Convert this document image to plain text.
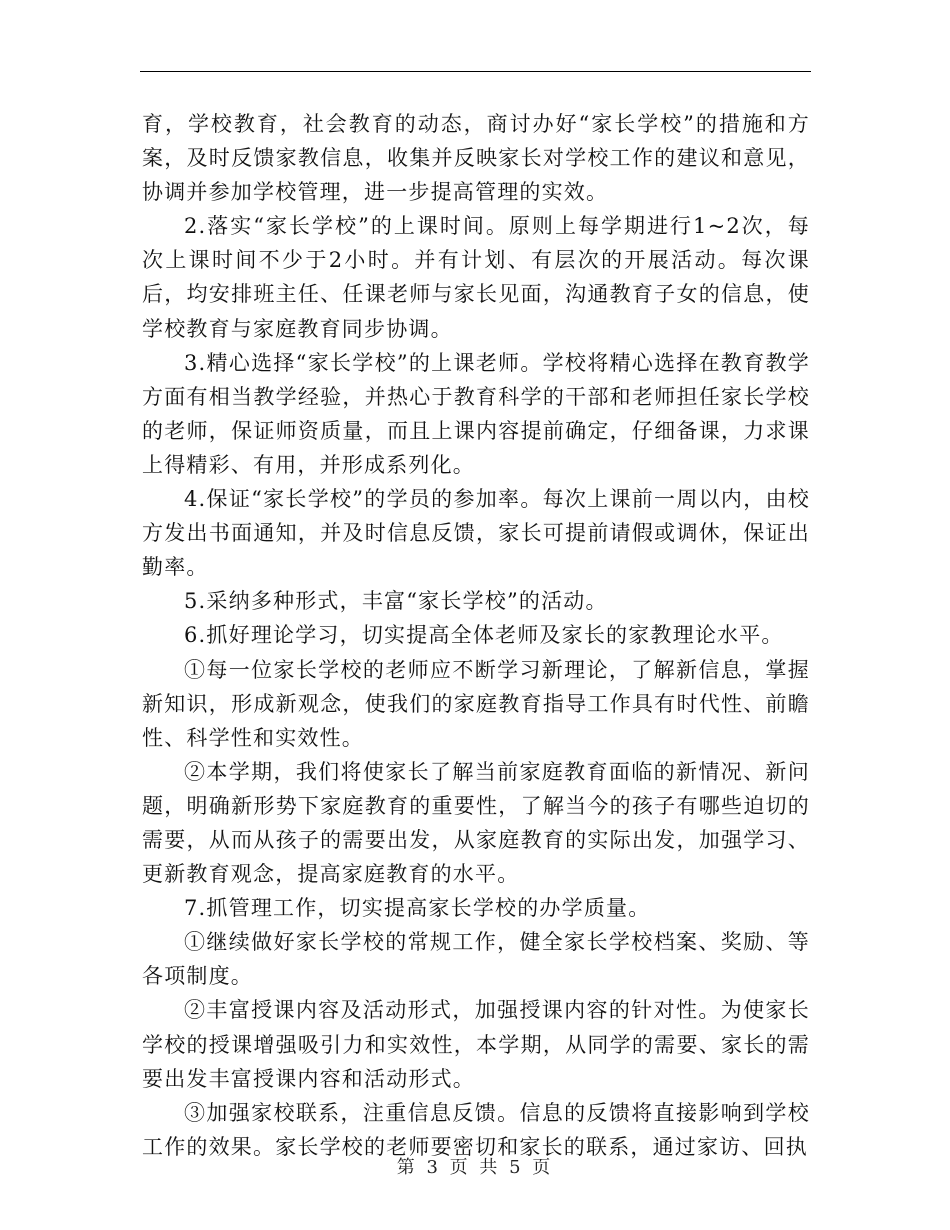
育，学校教育，社会教育的动态，商讨办好“家长学校”的措施和方案，及时反馈家教信息，收集并反映家长对学校工作的建议和意见，协调并参加学校管理，进一步提高管理的实效。

2.落实“家长学校”的上课时间。原则上每学期进行1~2次，每次上课时间不少于2小时。并有计划、有层次的开展活动。每次课后，均安排班主任、任课老师与家长见面，沟通教育子女的信息，使学校教育与家庭教育同步协调。

3.精心选择“家长学校”的上课老师。学校将精心选择在教育教学方面有相当教学经验，并热心于教育科学的干部和老师担任家长学校的老师，保证师资质量，而且上课内容提前确定，仔细备课，力求课上得精彩、有用，并形成系列化。

4.保证“家长学校”的学员的参加率。每次上课前一周以内，由校方发出书面通知，并及时信息反馈，家长可提前请假或调休，保证出勤率。

5.采纳多种形式，丰富“家长学校”的活动。

6.抓好理论学习，切实提高全体老师及家长的家教理论水平。

①每一位家长学校的老师应不断学习新理论，了解新信息，掌握新知识，形成新观念，使我们的家庭教育指导工作具有时代性、前瞻性、科学性和实效性。

②本学期，我们将使家长了解当前家庭教育面临的新情况、新问题，明确新形势下家庭教育的重要性，了解当今的孩子有哪些迫切的需要，从而从孩子的需要出发，从家庭教育的实际出发，加强学习、更新教育观念，提高家庭教育的水平。

7.抓管理工作，切实提高家长学校的办学质量。

①继续做好家长学校的常规工作，健全家长学校档案、奖励、等各项制度。

②丰富授课内容及活动形式，加强授课内容的针对性。为使家长学校的授课增强吸引力和实效性，本学期，从同学的需要、家长的需要出发丰富授课内容和活动形式。

③加强家校联系，注重信息反馈。信息的反馈将直接影响到学校工作的效果。家长学校的老师要密切和家长的联系，通过家访、回执

第 3 页 共 5 页
